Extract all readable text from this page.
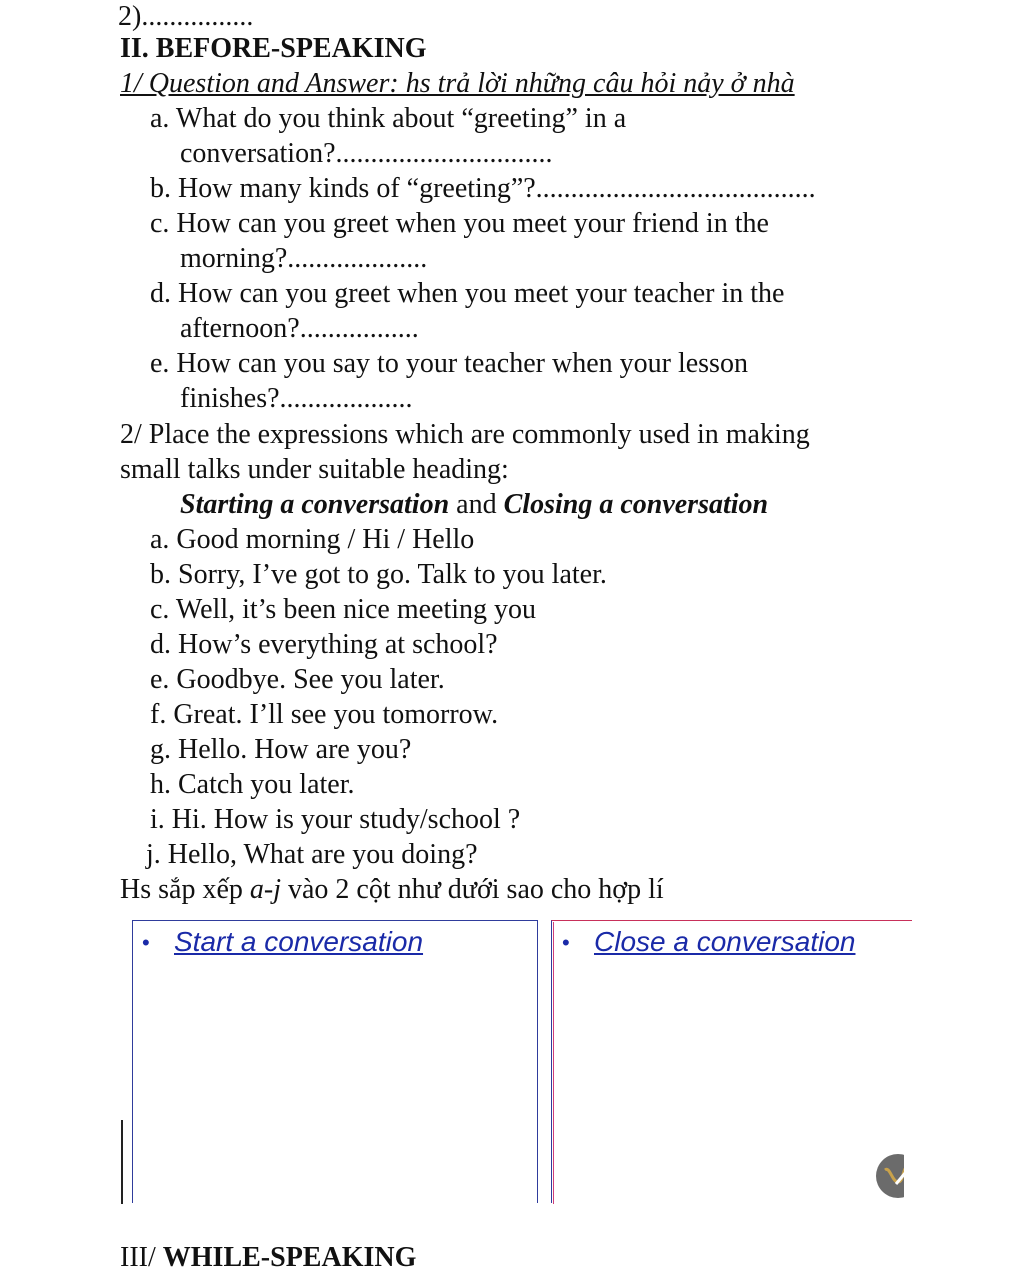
2)................
II. BEFORE-SPEAKING
1/ Question and Answer: hs trả lời những câu hỏi nảy ở nhà
a. What do you think about “greeting” in a
conversation?...............................
b. How many kinds of “greeting”?........................................
c. How can you greet when you meet your friend in the
morning?....................
d. How can you greet when you meet your teacher in the
afternoon?.................
e. How can you say to your teacher when your lesson
finishes?...................
2/ Place the expressions which are commonly used in making
small talks under suitable heading:
Starting a conversation and Closing a conversation
a. Good morning / Hi / Hello
b. Sorry, I’ve got to go. Talk to you later.
c. Well, it’s been nice meeting you
d. How’s everything at school?
e. Goodbye. See you later.
f. Great. I’ll see you tomorrow.
g. Hello. How are you?
h. Catch you later.
i. Hi. How is your study/school ?
j. Hello, What are you doing?
Hs sắp xếp a-j vào 2 cột như dưới sao cho hợp lí
• Start a conversation	• Close a conversation
III/ WHILE-SPEAKING
